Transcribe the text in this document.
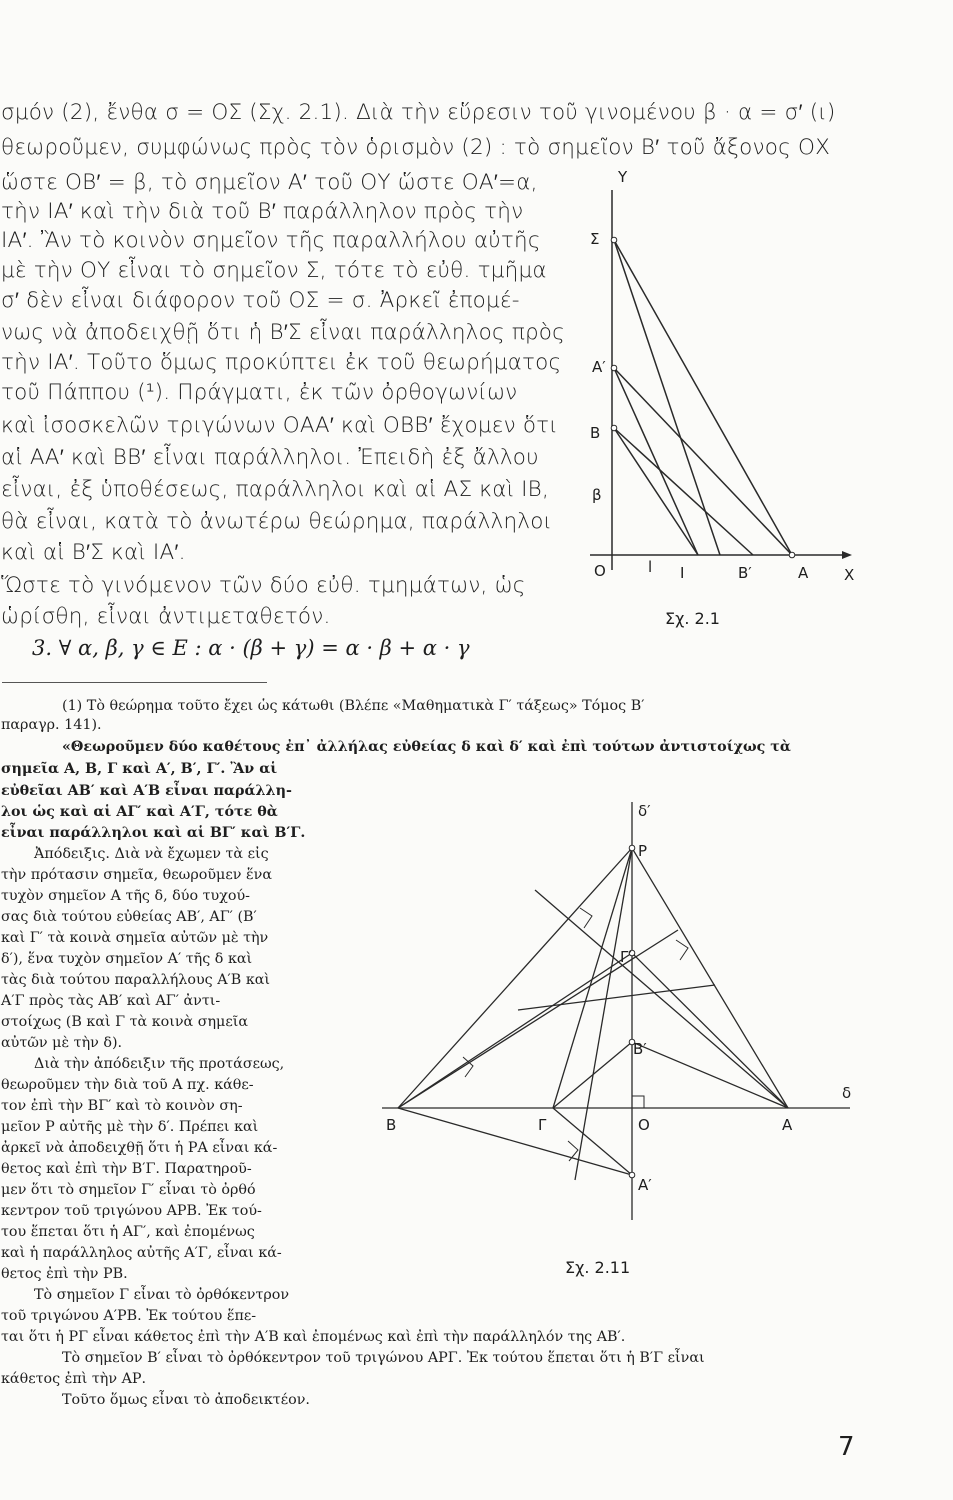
σμόν (2), ἔνθα σ = ΟΣ (Σχ. 2.1). Διὰ τὴν εὕρεσιν τοῦ γινομένου β · α = σ′ (ι)
θεωροῦμεν, συμφώνως πρὸς τὸν ὁρισμὸν (2) : τὸ σημεῖον Β′ τοῦ ἄξονος ΟΧ
ὥστε ΟΒ′ = β, τὸ σημεῖον Α′ τοῦ ΟΥ ὥστε ΟΑ′=α,
τὴν ΙΑ′ καὶ τὴν διὰ τοῦ Β′ παράλληλον πρὸς τὴν
ΙΑ′. Ἂν τὸ κοινὸν σημεῖον τῆς παραλλήλου αὐτῆς
μὲ τὴν ΟΥ εἶναι τὸ σημεῖον Σ, τότε τὸ εὐθ. τμῆμα
σ′ δὲν εἶναι διάφορον τοῦ ΟΣ = σ. Ἀρκεῖ ἐπομέ-
νως νὰ ἀποδειχθῇ ὅτι ἡ Β′Σ εἶναι παράλληλος πρὸς
τὴν ΙΑ′. Τοῦτο ὅμως προκύπτει ἐκ τοῦ θεωρήματος
τοῦ Πάππου (¹). Πράγματι, ἐκ τῶν ὀρθογωνίων
καὶ ἰσοσκελῶν τριγώνων ΟΑΑ′ καὶ ΟΒΒ′ ἔχομεν ὅτι
αἱ ΑΑ′ καὶ ΒΒ′ εἶναι παράλληλοι. Ἐπειδὴ ἐξ ἄλλου
εἶναι, ἐξ ὑποθέσεως, παράλληλοι καὶ αἱ ΑΣ καὶ ΙΒ,
θὰ εἶναι, κατὰ τὸ ἀνωτέρω θεώρημα, παράλληλοι
καὶ αἱ Β′Σ καὶ ΙΑ′.
Ὥστε τὸ γινόμενον τῶν δύο εὐθ. τμημάτων, ὡς
ὡρίσθη, εἶναι ἀντιμεταθετόν.
3. ∀ α, β, γ ∈ E : α · (β + γ) = α · β + α · γ
Y
Σ
Α′
Β
β
Ο	l I	Β′	Α Χ
Σχ. 2.1
(1) Τὸ θεώρημα τοῦτο ἔχει ὡς κάτωθι (Βλέπε «Μαθηματικὰ Γ′ τάξεως» Τόμος Β′
παραγρ. 141).
«Θεωροῦμεν δύο καθέτους ἐπ᾽ ἀλλήλας εὐθείας δ καὶ δ′ καὶ ἐπὶ τούτων ἀντιστοίχως τὰ
σημεῖα Α, Β, Γ καὶ Α′, Β′, Γ′. Ἂν αἱ
εὐθεῖαι ΑΒ′ καὶ Α′Β εἶναι παράλλη-
λοι ὡς καὶ αἱ ΑΓ′ καὶ Α′Γ, τότε θὰ
εἶναι παράλληλοι καὶ αἱ ΒΓ′ καὶ Β′Γ.
Ἀπόδειξις. Διὰ νὰ ἔχωμεν τὰ εἰς
τὴν πρότασιν σημεῖα, θεωροῦμεν ἕνα
τυχὸν σημεῖον Α τῆς δ, δύο τυχού-
σας διὰ τούτου εὐθείας ΑΒ′, ΑΓ′ (Β′
καὶ Γ′ τὰ κοινὰ σημεῖα αὐτῶν μὲ τὴν
δ′), ἕνα τυχὸν σημεῖον Α′ τῆς δ καὶ
τὰς διὰ τούτου παραλλήλους Α′Β καὶ
Α′Γ πρὸς τὰς ΑΒ′ καὶ ΑΓ′ ἀντι-
στοίχως (Β καὶ Γ τὰ κοινὰ σημεῖα
αὐτῶν μὲ τὴν δ).
Διὰ τὴν ἀπόδειξιν τῆς προτάσεως,
θεωροῦμεν τὴν διὰ τοῦ Α πχ. κάθε-
τον ἐπὶ τὴν ΒΓ′ καὶ τὸ κοινὸν ση-
μεῖον Ρ αὐτῆς μὲ τὴν δ′. Πρέπει καὶ
ἀρκεῖ νὰ ἀποδειχθῇ ὅτι ἡ ΡΑ εἶναι κά-
θετος καὶ ἐπὶ τὴν Β′Γ. Παρατηροῦ-
μεν ὅτι τὸ σημεῖον Γ′ εἶναι τὸ ὀρθό
κεντρον τοῦ τριγώνου ΑΡΒ. Ἐκ τού-
του ἕπεται ὅτι ἡ ΑΓ′, καὶ ἐπομένως
καὶ ἡ παράλληλος αὐτῆς Α′Γ, εἶναι κά-
θετος ἐπὶ τὴν ΡΒ.
Τὸ σημεῖον Γ εἶναι τὸ ὀρθόκεντρον
τοῦ τριγώνου Α′ΡΒ. Ἐκ τούτου ἕπε-
ται ὅτι ἡ ΡΓ εἶναι κάθετος ἐπὶ τὴν Α′Β καὶ ἐπομένως καὶ ἐπὶ τὴν παράλληλόν της ΑΒ′.
Τὸ σημεῖον Β′ εἶναι τὸ ὀρθόκεντρον τοῦ τριγώνου ΑΡΓ. Ἐκ τούτου ἕπεται ὅτι ἡ Β′Γ εἶναι
κάθετος ἐπὶ τὴν ΑΡ.
Τοῦτο ὅμως εἶναι τὸ ἀποδεικτέον.
δ′
Ρ
Γ′
Β′
δ
Β	Γ	Ο	Α
Α′
Σχ. 2.11
7
